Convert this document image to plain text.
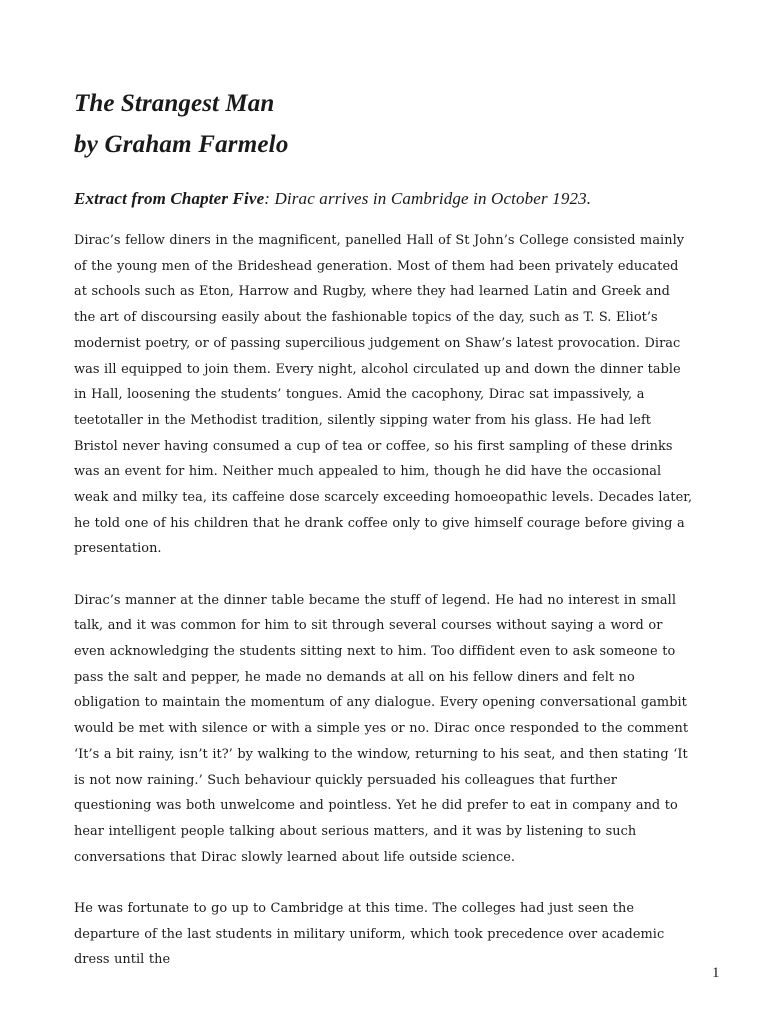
The Strangest Man
by Graham Farmelo

Extract from Chapter Five: Dirac arrives in Cambridge in October 1923.

Dirac’s fellow diners in the magnificent, panelled Hall of St John’s College consisted mainly of the young men of the Brideshead generation. Most of them had been privately educated at schools such as Eton, Harrow and Rugby, where they had learned Latin and Greek and the art of discoursing easily about the fashionable topics of the day, such as T. S. Eliot’s modernist poetry, or of passing supercilious judgement on Shaw’s latest provocation. Dirac was ill equipped to join them. Every night, alcohol circulated up and down the dinner table in Hall, loosening the students’ tongues. Amid the cacophony, Dirac sat impassively, a teetotaller in the Methodist tradition, silently sipping water from his glass. He had left Bristol never having consumed a cup of tea or coffee, so his first sampling of these drinks was an event for him. Neither much appealed to him, though he did have the occasional weak and milky tea, its caffeine dose scarcely exceeding homoeopathic levels. Decades later, he told one of his children that he drank coffee only to give himself courage before giving a presentation.

Dirac’s manner at the dinner table became the stuff of legend. He had no interest in small talk, and it was common for him to sit through several courses without saying a word or even acknowledging the students sitting next to him. Too diffident even to ask someone to pass the salt and pepper, he made no demands at all on his fellow diners and felt no obligation to maintain the momentum of any dialogue. Every opening conversational gambit would be met with silence or with a simple yes or no. Dirac once responded to the comment ‘It’s a bit rainy, isn’t it?’ by walking to the window, returning to his seat, and then stating ‘It is not now raining.’ Such behaviour quickly persuaded his colleagues that further questioning was both unwelcome and pointless. Yet he did prefer to eat in company and to hear intelligent people talking about serious matters, and it was by listening to such conversations that Dirac slowly learned about life outside science.

He was fortunate to go up to Cambridge at this time. The colleges had just seen the departure of the last students in military uniform, which took precedence over academic dress until the

1
